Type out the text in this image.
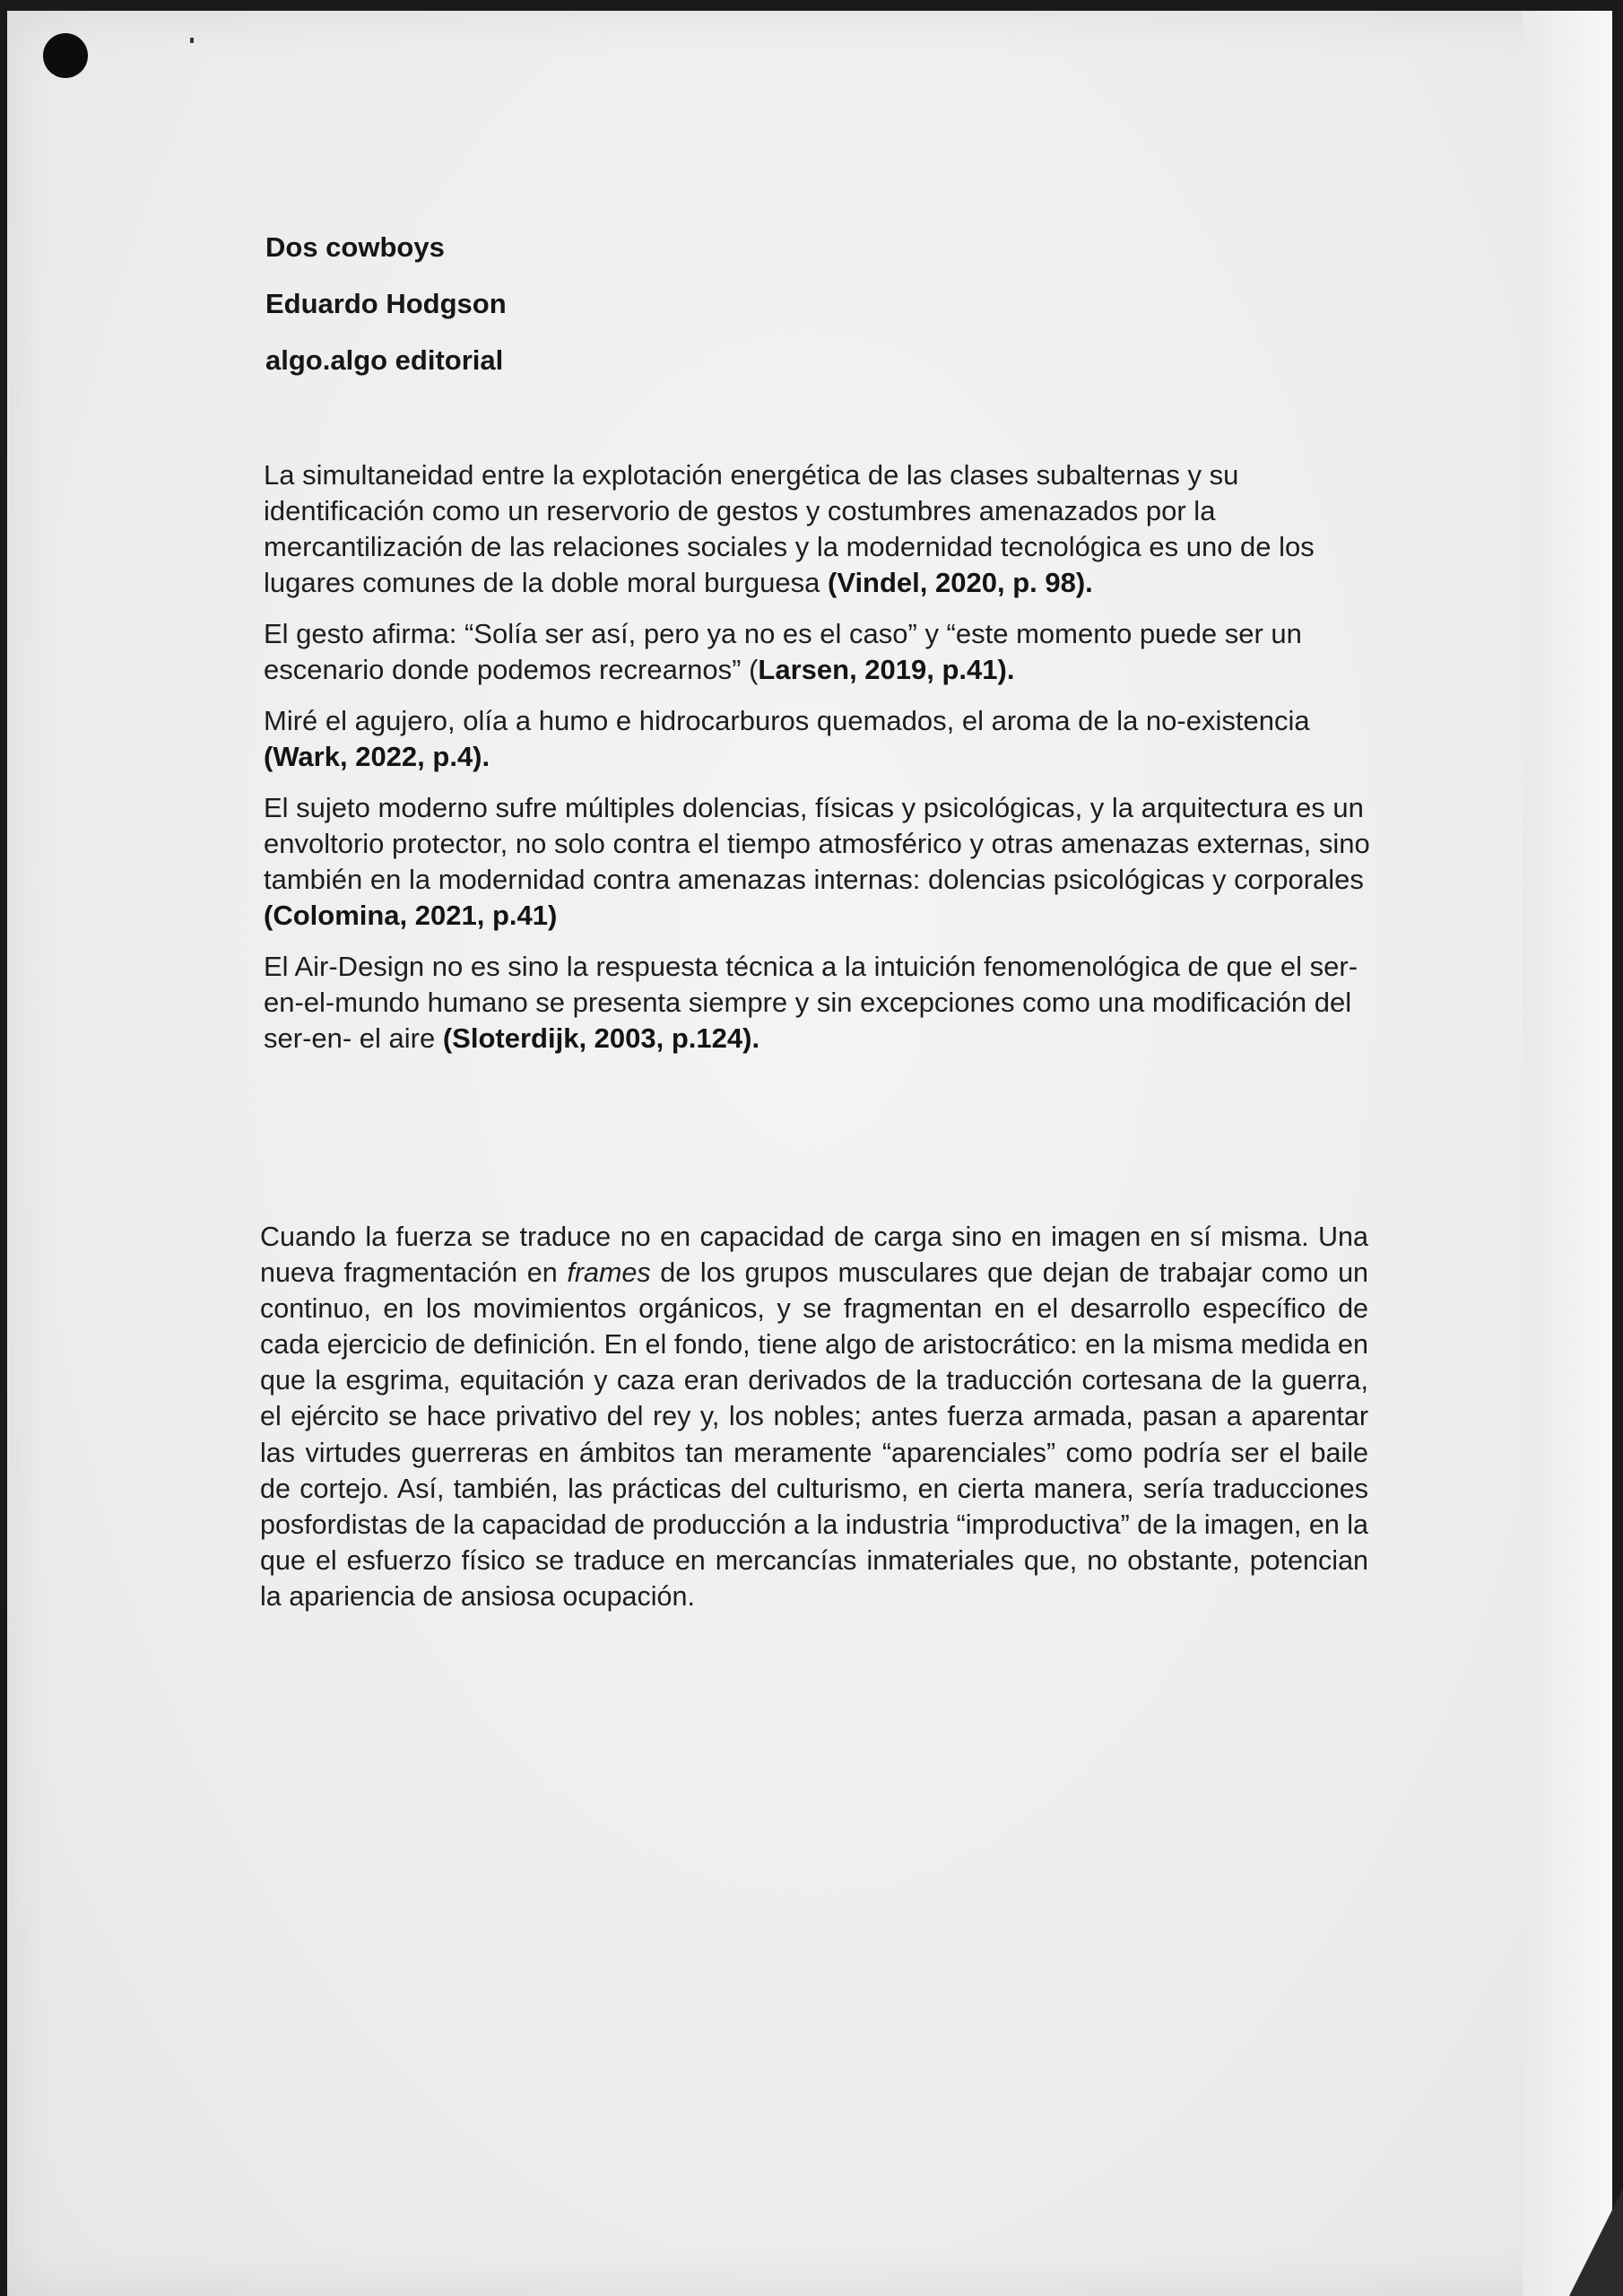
Dos cowboys
Eduardo Hodgson
algo.algo editorial

La simultaneidad entre la explotación energética de las clases subalternas y su identificación como un reservorio de gestos y costumbres amenazados por la mercantilización de las relaciones sociales y la modernidad tecnológica es uno de los lugares comunes de la doble moral burguesa (Vindel, 2020, p. 98).

El gesto afirma: “Solía ser así, pero ya no es el caso” y “este momento puede ser un escenario donde podemos recrearnos” (Larsen, 2019, p.41).

Miré el agujero, olía a humo e hidrocarburos quemados, el aroma de la no-existencia (Wark, 2022, p.4).

El sujeto moderno sufre múltiples dolencias, físicas y psicológicas, y la arquitectura es un envoltorio protector, no solo contra el tiempo atmosférico y otras amenazas externas, sino también en la modernidad contra amenazas internas: dolencias psicológicas y corporales (Colomina, 2021, p.41)

El Air-Design no es sino la respuesta técnica a la intuición fenomenológica de que el ser-en-el-mundo humano se presenta siempre y sin excepciones como una modificación del ser-en- el aire (Sloterdijk, 2003, p.124).

Cuando la fuerza se traduce no en capacidad de carga sino en imagen en sí misma. Una nueva fragmentación en frames de los grupos musculares que dejan de trabajar como un continuo, en los movimientos orgánicos, y se fragmentan en el desarrollo específico de cada ejercicio de definición. En el fondo, tiene algo de aristocrático: en la misma medida en que la esgrima, equitación y caza eran derivados de la traducción cortesana de la guerra, el ejército se hace privativo del rey y, los nobles; antes fuerza armada, pasan a aparentar las virtudes guerreras en ámbitos tan meramente “aparenciales” como podría ser el baile de cortejo. Así, también, las prácticas del culturismo, en cierta manera, sería traducciones posfordistas de la capacidad de producción a la industria “improductiva” de la imagen, en la que el esfuerzo físico se traduce en mercancías inmateriales que, no obstante, potencian la apariencia de ansiosa ocupación.
